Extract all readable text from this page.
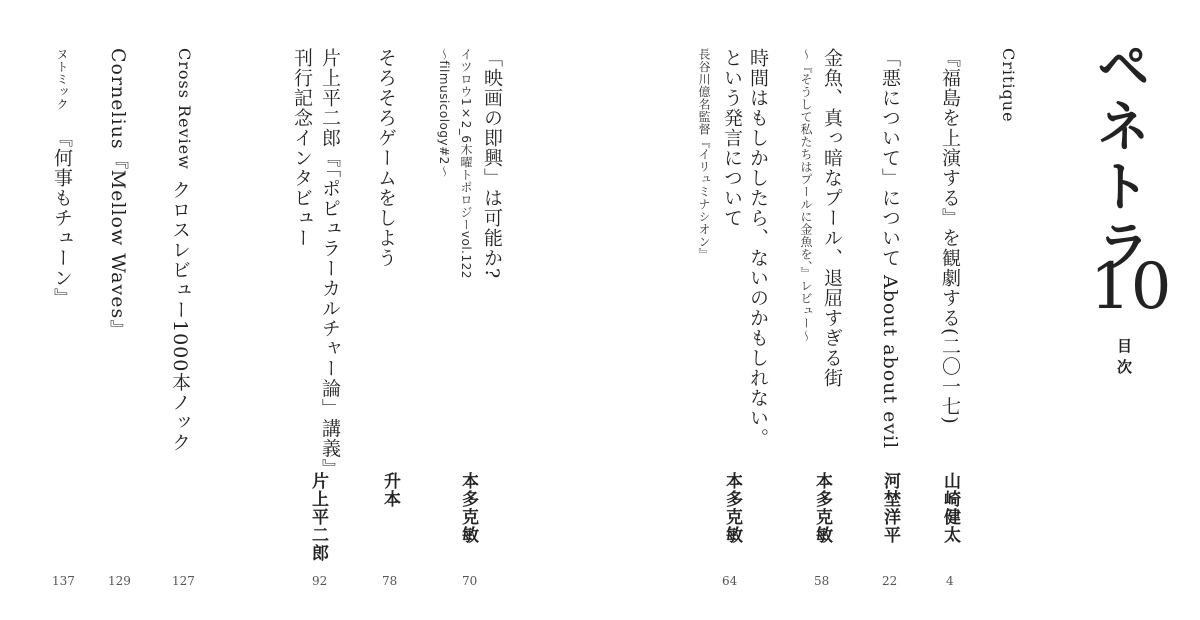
ペネトラ
10
目次
Critique
『福島を上演する』を観劇する(二〇一七)
山崎健太
4
「悪について」について About about evil
河埜洋平
22
金魚、真っ暗なプール、退屈すぎる街
〜『そうして私たちはプールに金魚を、』レビュー〜
本多克敏
58
時間はもしかしたら、ないのかもしれない。
という発言について
長谷川億名監督『イリュミナシオン』
本多克敏
64
「映画の即興」は可能か?
イツロウ1×2_6木曜トポロジーvol.122
〜filmusicology#2〜
本多克敏
70
そろそろゲームをしよう
升本
78
片上平二郎『「ポピュラーカルチャー論」講義』
刊行記念インタビュー
片上平二郎
92
Cross Review
クロスレビュー1000本ノック
127
Cornelius『Mellow Waves』
129
ヌトミック
『何事もチューン』
137
